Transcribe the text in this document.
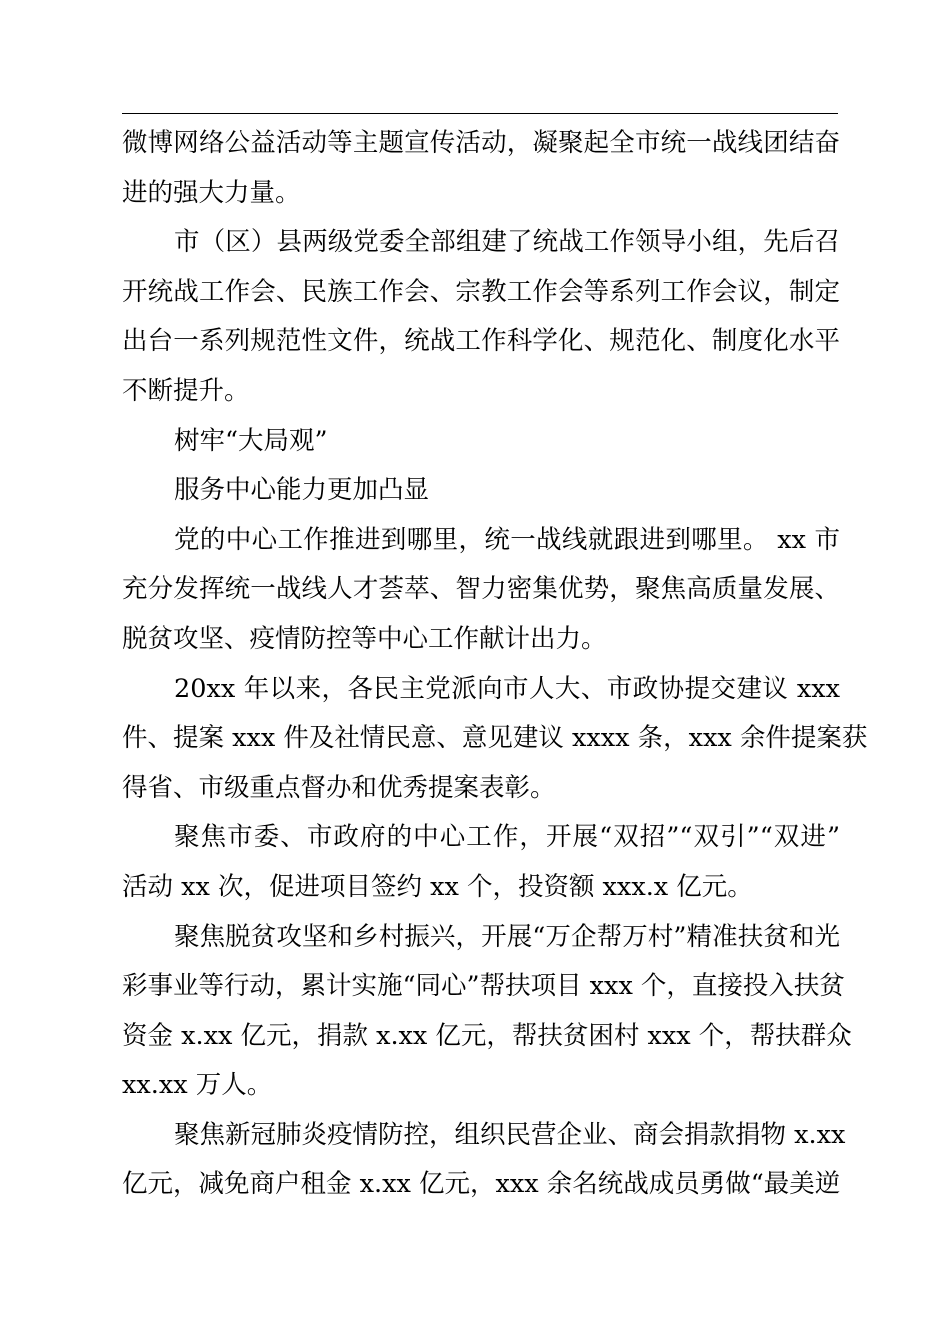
微博网络公益活动等主题宣传活动，凝聚起全市统一战线团结奋
进的强大力量。
市（区）县两级党委全部组建了统战工作领导小组，先后召
开统战工作会、民族工作会、宗教工作会等系列工作会议，制定
出台一系列规范性文件，统战工作科学化、规范化、制度化水平
不断提升。
树牢“大局观”
服务中心能力更加凸显
党的中心工作推进到哪里，统一战线就跟进到哪里。 xx 市
充分发挥统一战线人才荟萃、智力密集优势，聚焦高质量发展、
脱贫攻坚、疫情防控等中心工作献计出力。
20xx 年以来，各民主党派向市人大、市政协提交建议 xxx
件、提案 xxx 件及社情民意、意见建议 xxxx 条，xxx 余件提案获
得省、市级重点督办和优秀提案表彰。
聚焦市委、市政府的中心工作，开展“双招”“双引”“双进”
活动 xx 次，促进项目签约 xx 个，投资额 xxx.x 亿元。
聚焦脱贫攻坚和乡村振兴，开展“万企帮万村”精准扶贫和光
彩事业等行动，累计实施“同心”帮扶项目 xxx 个，直接投入扶贫
资金 x.xx 亿元，捐款 x.xx 亿元，帮扶贫困村 xxx 个，帮扶群众
xx.xx 万人。
聚焦新冠肺炎疫情防控，组织民营企业、商会捐款捐物 x.xx
亿元，减免商户租金 x.xx 亿元，xxx 余名统战成员勇做“最美逆
